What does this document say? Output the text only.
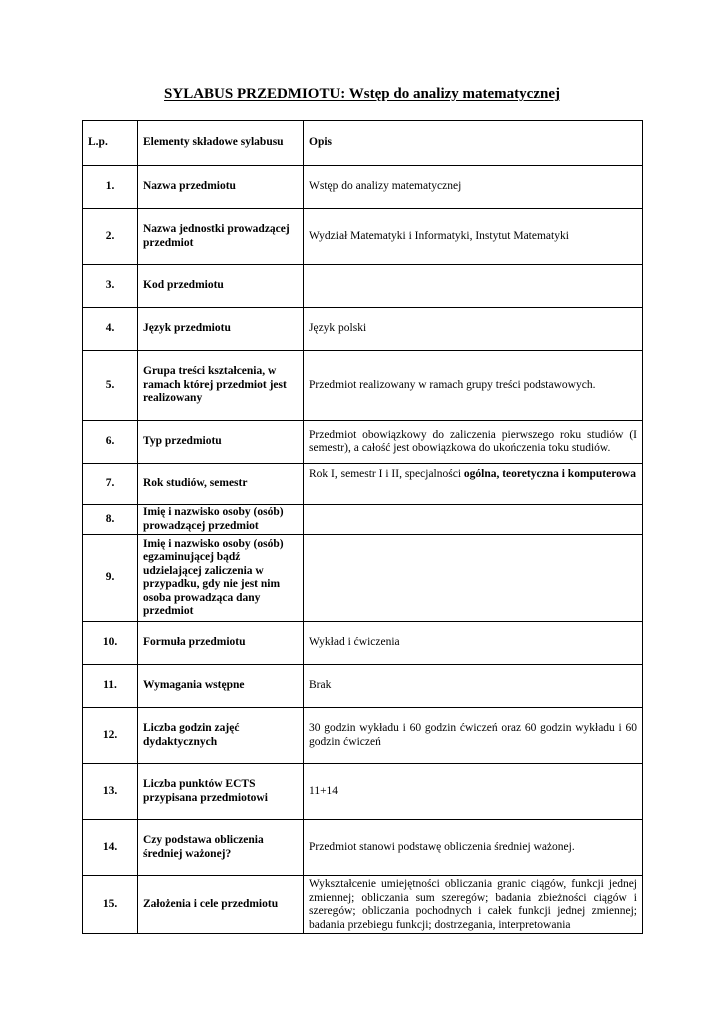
SYLABUS PRZEDMIOTU: Wstęp do analizy matematycznej
L.p.	Elementy składowe sylabusu	Opis
1.	Nazwa przedmiotu	Wstęp do analizy matematycznej
2.	Nazwa jednostki prowadzącej przedmiot	Wydział Matematyki i Informatyki, Instytut Matematyki
3.	Kod przedmiotu	
4.	Język przedmiotu	Język polski
5.	Grupa treści kształcenia, w ramach której przedmiot jest realizowany	Przedmiot realizowany w ramach grupy treści podstawowych.
6.	Typ przedmiotu	Przedmiot obowiązkowy do zaliczenia pierwszego roku studiów (I semestr), a całość jest obowiązkowa do ukończenia toku studiów.
7.	Rok studiów, semestr	Rok I, semestr I i II, specjalności ogólna, teoretyczna i komputerowa
8.	Imię i nazwisko osoby (osób) prowadzącej przedmiot	
9.	Imię i nazwisko osoby (osób) egzaminującej bądź udzielającej zaliczenia w przypadku, gdy nie jest nim osoba prowadząca dany przedmiot	
10.	Formuła przedmiotu	Wykład i ćwiczenia
11.	Wymagania wstępne	Brak
12.	Liczba godzin zajęć dydaktycznych	30 godzin wykładu i 60 godzin ćwiczeń oraz 60 godzin wykładu i 60 godzin ćwiczeń
13.	Liczba punktów ECTS przypisana przedmiotowi	11+14
14.	Czy podstawa obliczenia średniej ważonej?	Przedmiot stanowi podstawę obliczenia średniej ważonej.
15.	Założenia i cele przedmiotu	Wykształcenie umiejętności obliczania granic ciągów, funkcji jednej zmiennej; obliczania sum szeregów; badania zbieżności ciągów i szeregów; obliczania pochodnych i całek funkcji jednej zmiennej; badania przebiegu funkcji; dostrzegania, interpretowania
